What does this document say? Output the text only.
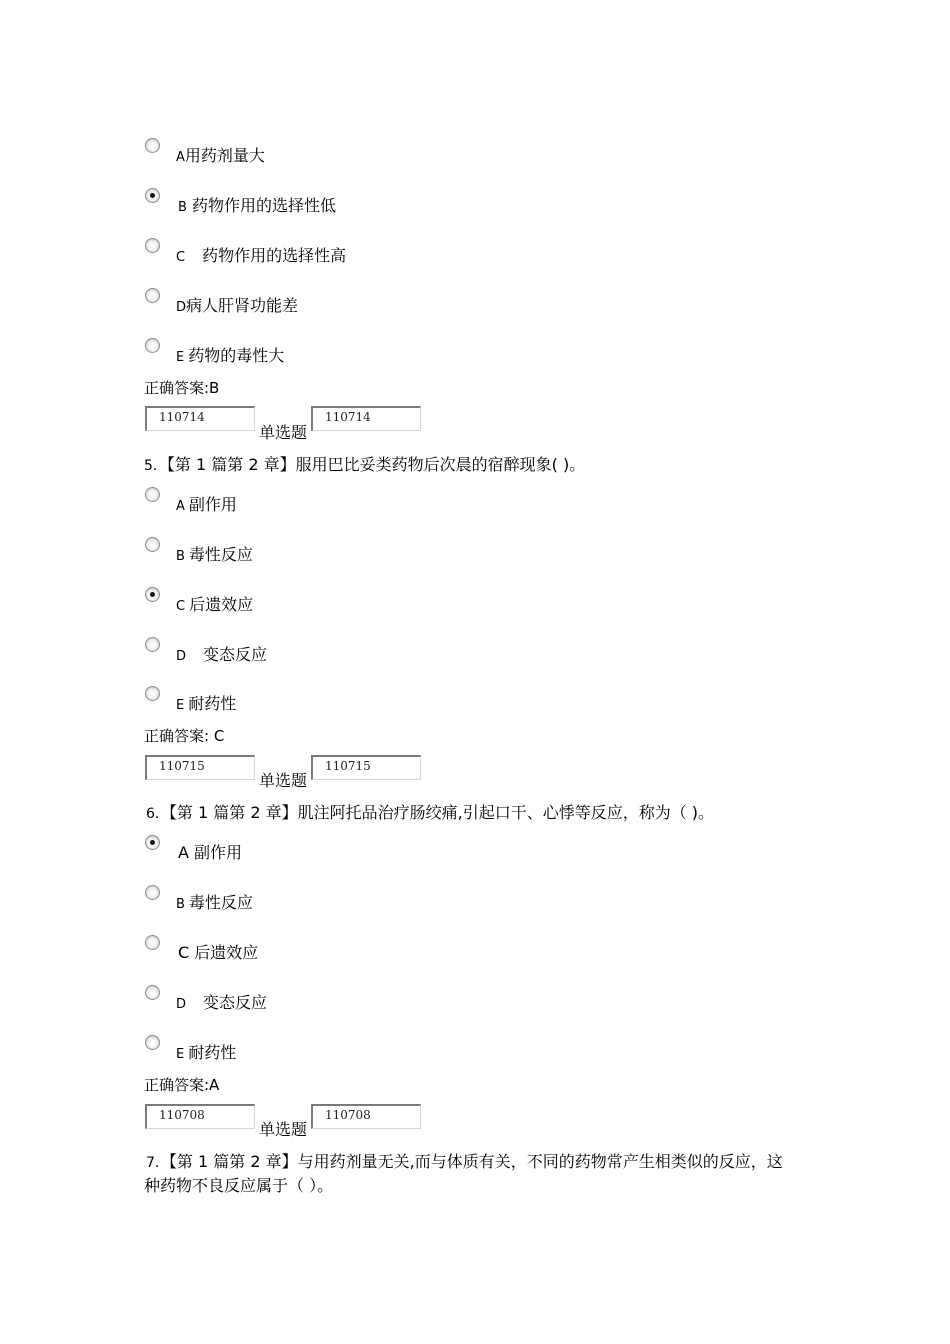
A用药剂量大
B 药物作用的选择性低
C 药物作用的选择性高
D病人肝肾功能差
E 药物的毒性大
正确答案:B
110714
单选题
110714
5．【第 1 篇第 2 章】服用巴比妥类药物后次晨的宿醉现象( )。
A 副作用
B 毒性反应
C 后遗效应
D 变态反应
E 耐药性
正确答案: C
110715
单选题
110715
6．【第 1 篇第 2 章】肌注阿托品治疗肠绞痛,引起口干、心悸等反应，称为（ )。
A 副作用
B 毒性反应
C 后遗效应
D 变态反应
E 耐药性
正确答案:A
110708
单选题
110708
7．【第 1 篇第 2 章】与用药剂量无关,而与体质有关，不同的药物常产生相类似的反应，这
种药物不良反应属于（ ）。
